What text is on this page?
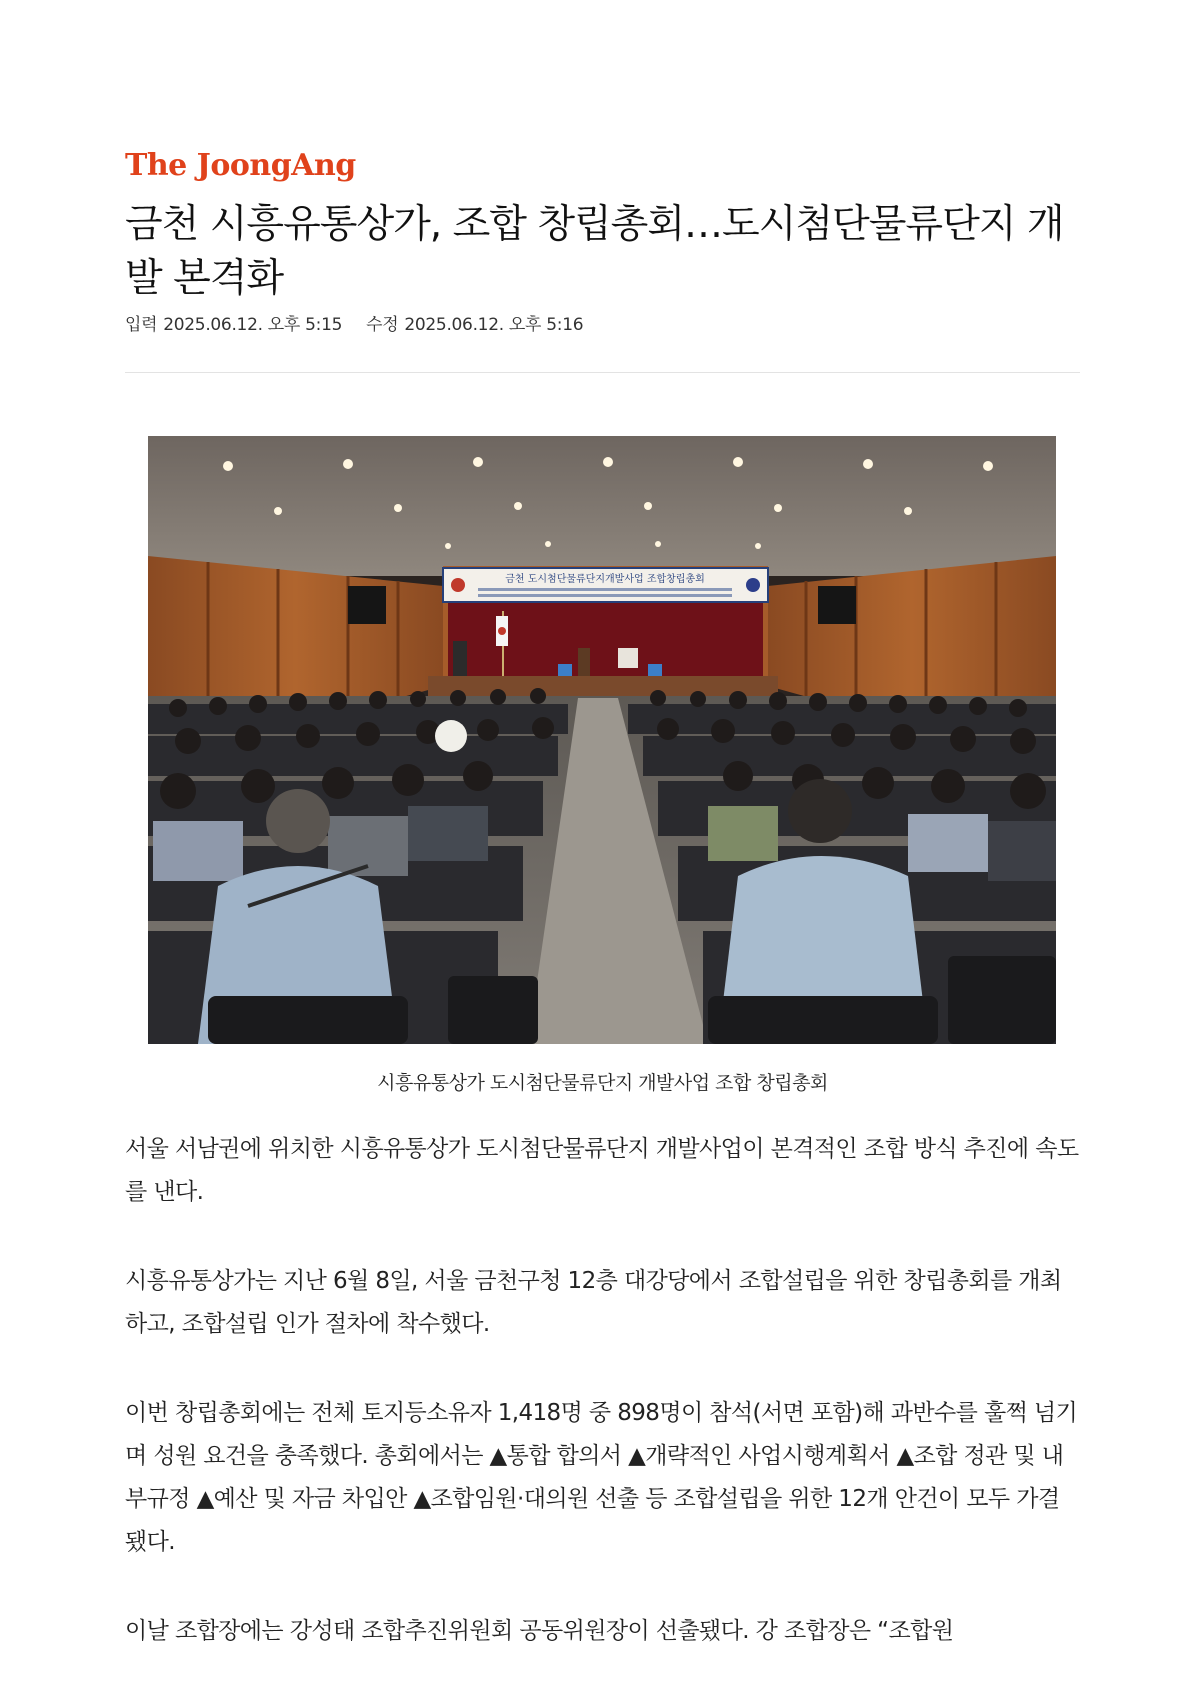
The JoongAng
금천 시흥유통상가, 조합 창립총회…도시첨단물류단지 개발 본격화
입력 2025.06.12. 오후 5:15 수정 2025.06.12. 오후 5:16
금천 도시첨단물류단지개발사업 조합창립총회
시흥유통상가 도시첨단물류단지 개발사업 조합 창립총회

서울 서남권에 위치한 시흥유통상가 도시첨단물류단지 개발사업이 본격적인 조합 방식 추진에 속도를 낸다.

시흥유통상가는 지난 6월 8일, 서울 금천구청 12층 대강당에서 조합설립을 위한 창립총회를 개최하고, 조합설립 인가 절차에 착수했다.

이번 창립총회에는 전체 토지등소유자 1,418명 중 898명이 참석(서면 포함)해 과반수를 훌쩍 넘기며 성원 요건을 충족했다. 총회에서는 ▲통합 합의서 ▲개략적인 사업시행계획서 ▲조합 정관 및 내부규정 ▲예산 및 자금 차입안 ▲조합임원·대의원 선출 등 조합설립을 위한 12개 안건이 모두 가결됐다.

이날 조합장에는 강성태 조합추진위원회 공동위원장이 선출됐다. 강 조합장은 “조합원
